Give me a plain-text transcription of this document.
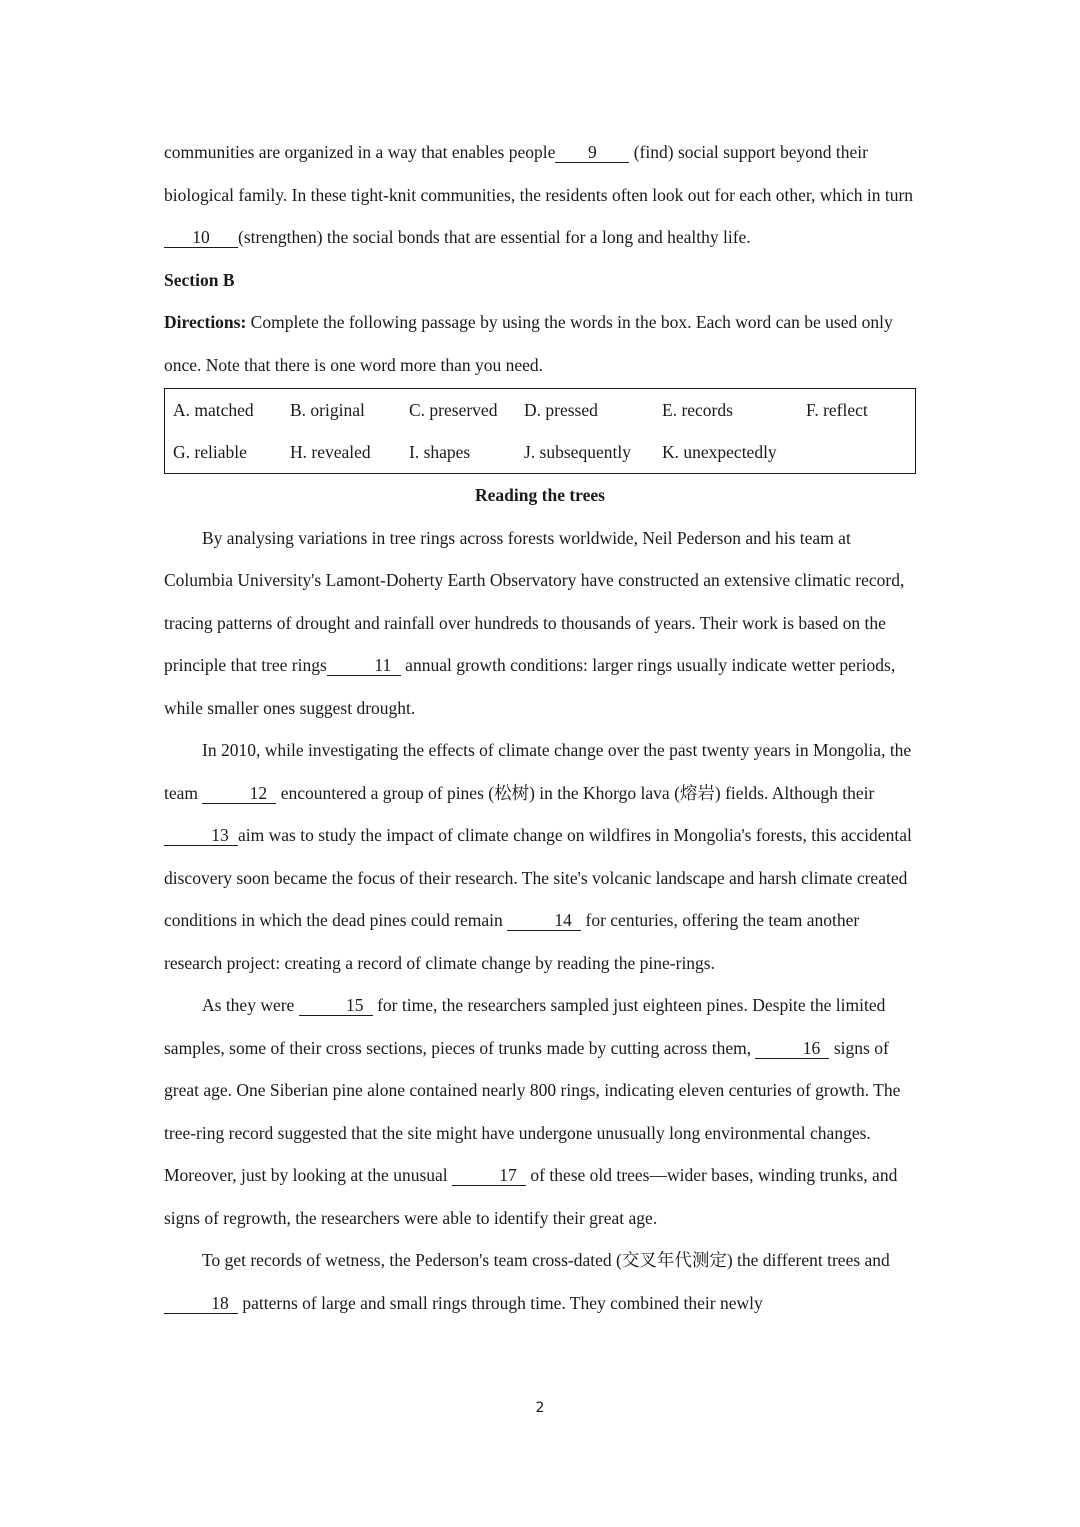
communities are organized in a way that enables people 9 (find) social support beyond their biological family. In these tight-knit communities, the residents often look out for each other, which in turn10 (strengthen) the social bonds that are essential for a long and healthy life.

Section B

Directions: Complete the following passage by using the words in the box. Each word can be used only once. Note that there is one word more than you need.

A. matched	B. original	C. preserved	D. pressed	E. records	F. reflect
G. reliable	H. revealed	I. shapes	J. subsequently	K. unexpectedly

Reading the trees

By analysing variations in tree rings across forests worldwide, Neil Pederson and his team at Columbia University's Lamont-Doherty Earth Observatory have constructed an extensive climatic record, tracing patterns of drought and rainfall over hundreds to thousands of years. Their work is based on the principle that tree rings	11 annual growth conditions: larger rings usually indicate wetter periods, while smaller ones suggest drought.

In 2010, while investigating the effects of climate change over the past twenty years in Mongolia, the team	12 encountered a group of pines (松树) in the Khorgo lava (熔岩) fields. Although their13 aim was to study the impact of climate change on wildfires in Mongolia's forests, this accidental discovery soon became the focus of their research. The site's volcanic landscape and harsh climate created conditions in which the dead pines could remain	14 for centuries, offering the team another research project: creating a record of climate change by reading the pine-rings.

As they were	15 for time, the researchers sampled just eighteen pines. Despite the limited samples, some of their cross sections, pieces of trunks made by cutting across them,	16 signs of great age. One Siberian pine alone contained nearly 800 rings, indicating eleven centuries of growth. The tree-ring record suggested that the site might have undergone unusually long environmental changes. Moreover, just by looking at the unusual	17 of these old trees—wider bases, winding trunks, and signs of regrowth, the researchers were able to identify their great age.

To get records of wetness, the Pederson's team cross-dated (交叉年代测定) the different trees and 18 patterns of large and small rings through time. They combined their newly

2
